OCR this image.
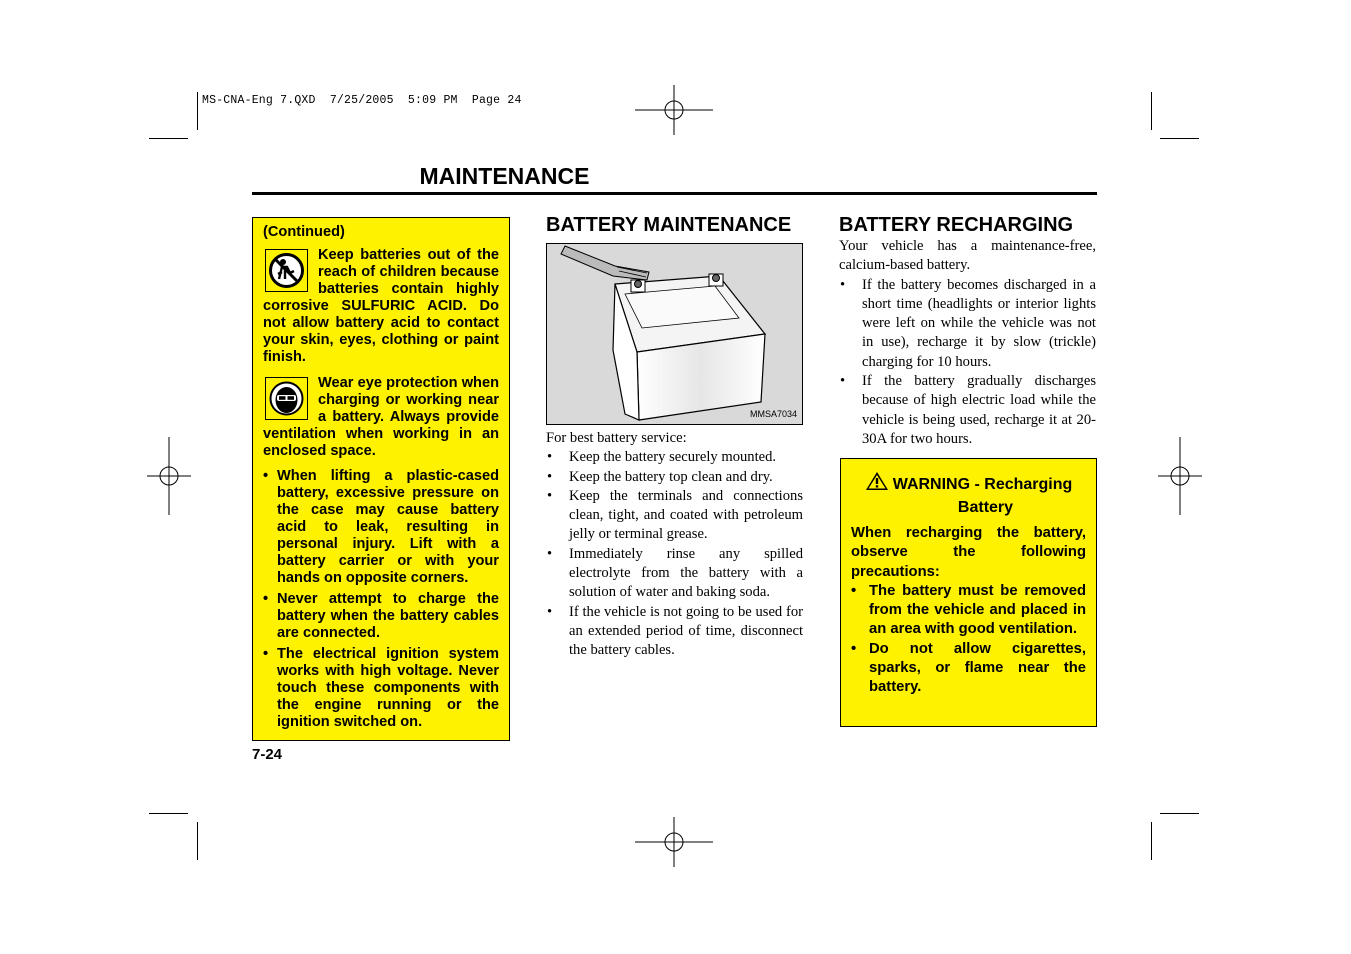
MS-CNA-Eng 7.QXD  7/25/2005  5:09 PM  Page 24
MAINTENANCE
(Continued)
Keep batteries out of the reach of children because batteries contain highly corrosive SULFURIC ACID. Do not allow battery acid to contact your skin, eyes, clothing or paint finish.
Wear eye protection when charging or working near a battery. Always provide ventilation when working in an enclosed space.
• When lifting a plastic-cased battery, excessive pressure on the case may cause battery acid to leak, resulting in personal injury. Lift with a battery carrier or with your hands on opposite corners.
• Never attempt to charge the battery when the battery cables are connected.
• The electrical ignition system works with high voltage. Never touch these components with the engine running or the ignition switched on.
BATTERY MAINTENANCE
MMSA7034
For best battery service:
• Keep the battery securely mounted.
• Keep the battery top clean and dry.
• Keep the terminals and connections clean, tight, and coated with petroleum jelly or terminal grease.
• Immediately rinse any spilled electrolyte from the battery with a solution of water and baking soda.
• If the vehicle is not going to be used for an extended period of time, disconnect the battery cables.
BATTERY RECHARGING
Your vehicle has a maintenance-free, calcium-based battery.
• If the battery becomes discharged in a short time (headlights or interior lights were left on while the vehicle was not in use), recharge it by slow (trickle) charging for 10 hours.
• If the battery gradually discharges because of high electric load while the vehicle is being used, recharge it at 20-30A for two hours.
WARNING - Recharging
Battery
When recharging the battery, observe the following precautions:
• The battery must be removed from the vehicle and placed in an area with good ventilation.
• Do not allow cigarettes, sparks, or flame near the battery.
7-24
